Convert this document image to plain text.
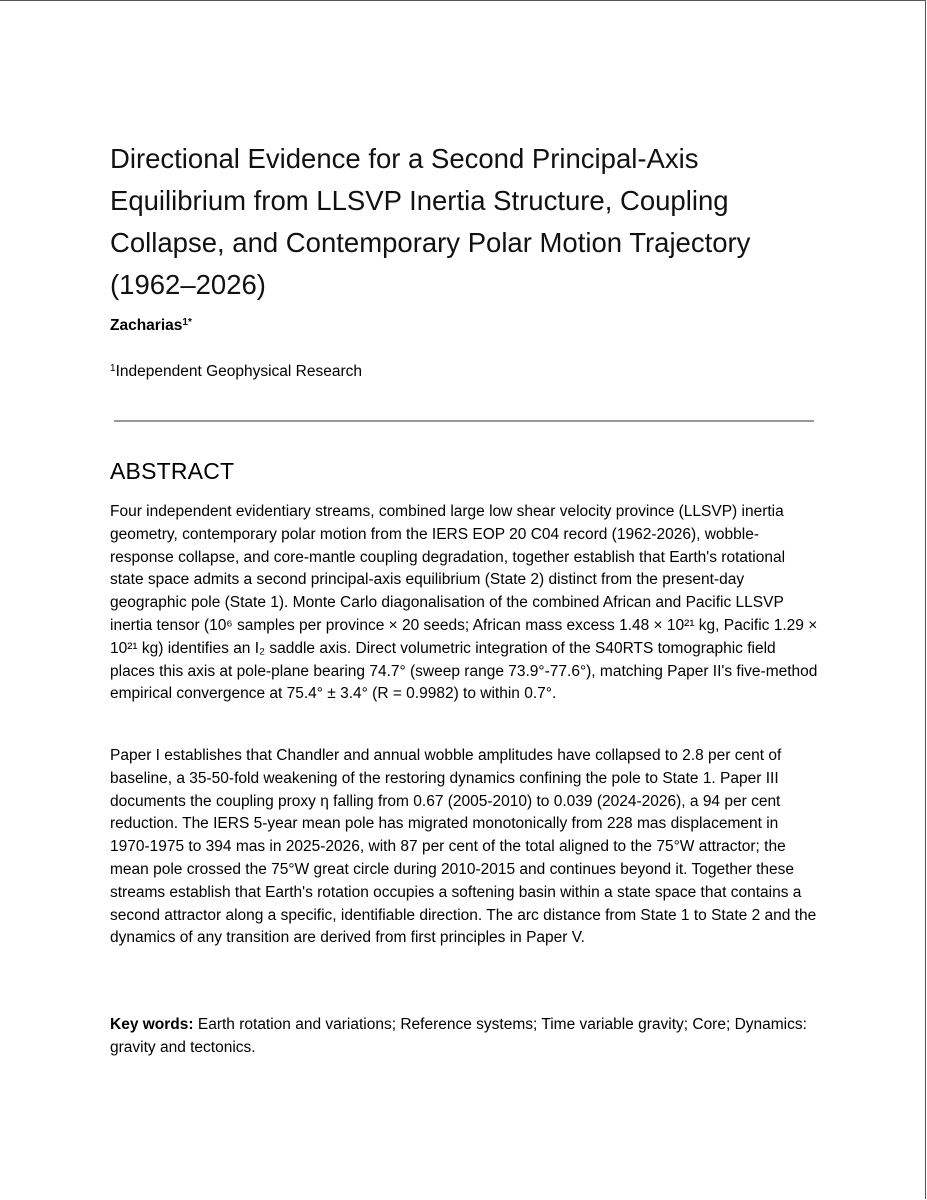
Directional Evidence for a Second Principal-Axis Equilibrium from LLSVP Inertia Structure, Coupling Collapse, and Contemporary Polar Motion Trajectory (1962–2026)

Zacharias$^{1*}$

$^1$Independent Geophysical Research

ABSTRACT

Four independent evidentiary streams, combined large low shear velocity province (LLSVP) inertia geometry, contemporary polar motion from the IERS EOP 20 C04 record (1962-2026), wobble-response collapse, and core-mantle coupling degradation, together establish that Earth's rotational state space admits a second principal-axis equilibrium (State 2) distinct from the present-day geographic pole (State 1). Monte Carlo diagonalisation of the combined African and Pacific LLSVP inertia tensor (10⁶ samples per province × 20 seeds; African mass excess 1.48 × 10²¹ kg, Pacific 1.29 × 10²¹ kg) identifies an I₂ saddle axis. Direct volumetric integration of the S40RTS tomographic field places this axis at pole-plane bearing 74.7° (sweep range 73.9°-77.6°), matching Paper II's five-method empirical convergence at 75.4° ± 3.4° (R = 0.9982) to within 0.7°.

Paper I establishes that Chandler and annual wobble amplitudes have collapsed to 2.8 per cent of baseline, a 35-50-fold weakening of the restoring dynamics confining the pole to State 1. Paper III documents the coupling proxy η falling from 0.67 (2005-2010) to 0.039 (2024-2026), a 94 per cent reduction. The IERS 5-year mean pole has migrated monotonically from 228 mas displacement in 1970-1975 to 394 mas in 2025-2026, with 87 per cent of the total aligned to the 75°W attractor; the mean pole crossed the 75°W great circle during 2010-2015 and continues beyond it. Together these streams establish that Earth's rotation occupies a softening basin within a state space that contains a second attractor along a specific, identifiable direction. The arc distance from State 1 to State 2 and the dynamics of any transition are derived from first principles in Paper V.

Key words: Earth rotation and variations; Reference systems; Time variable gravity; Core; Dynamics: gravity and tectonics.
